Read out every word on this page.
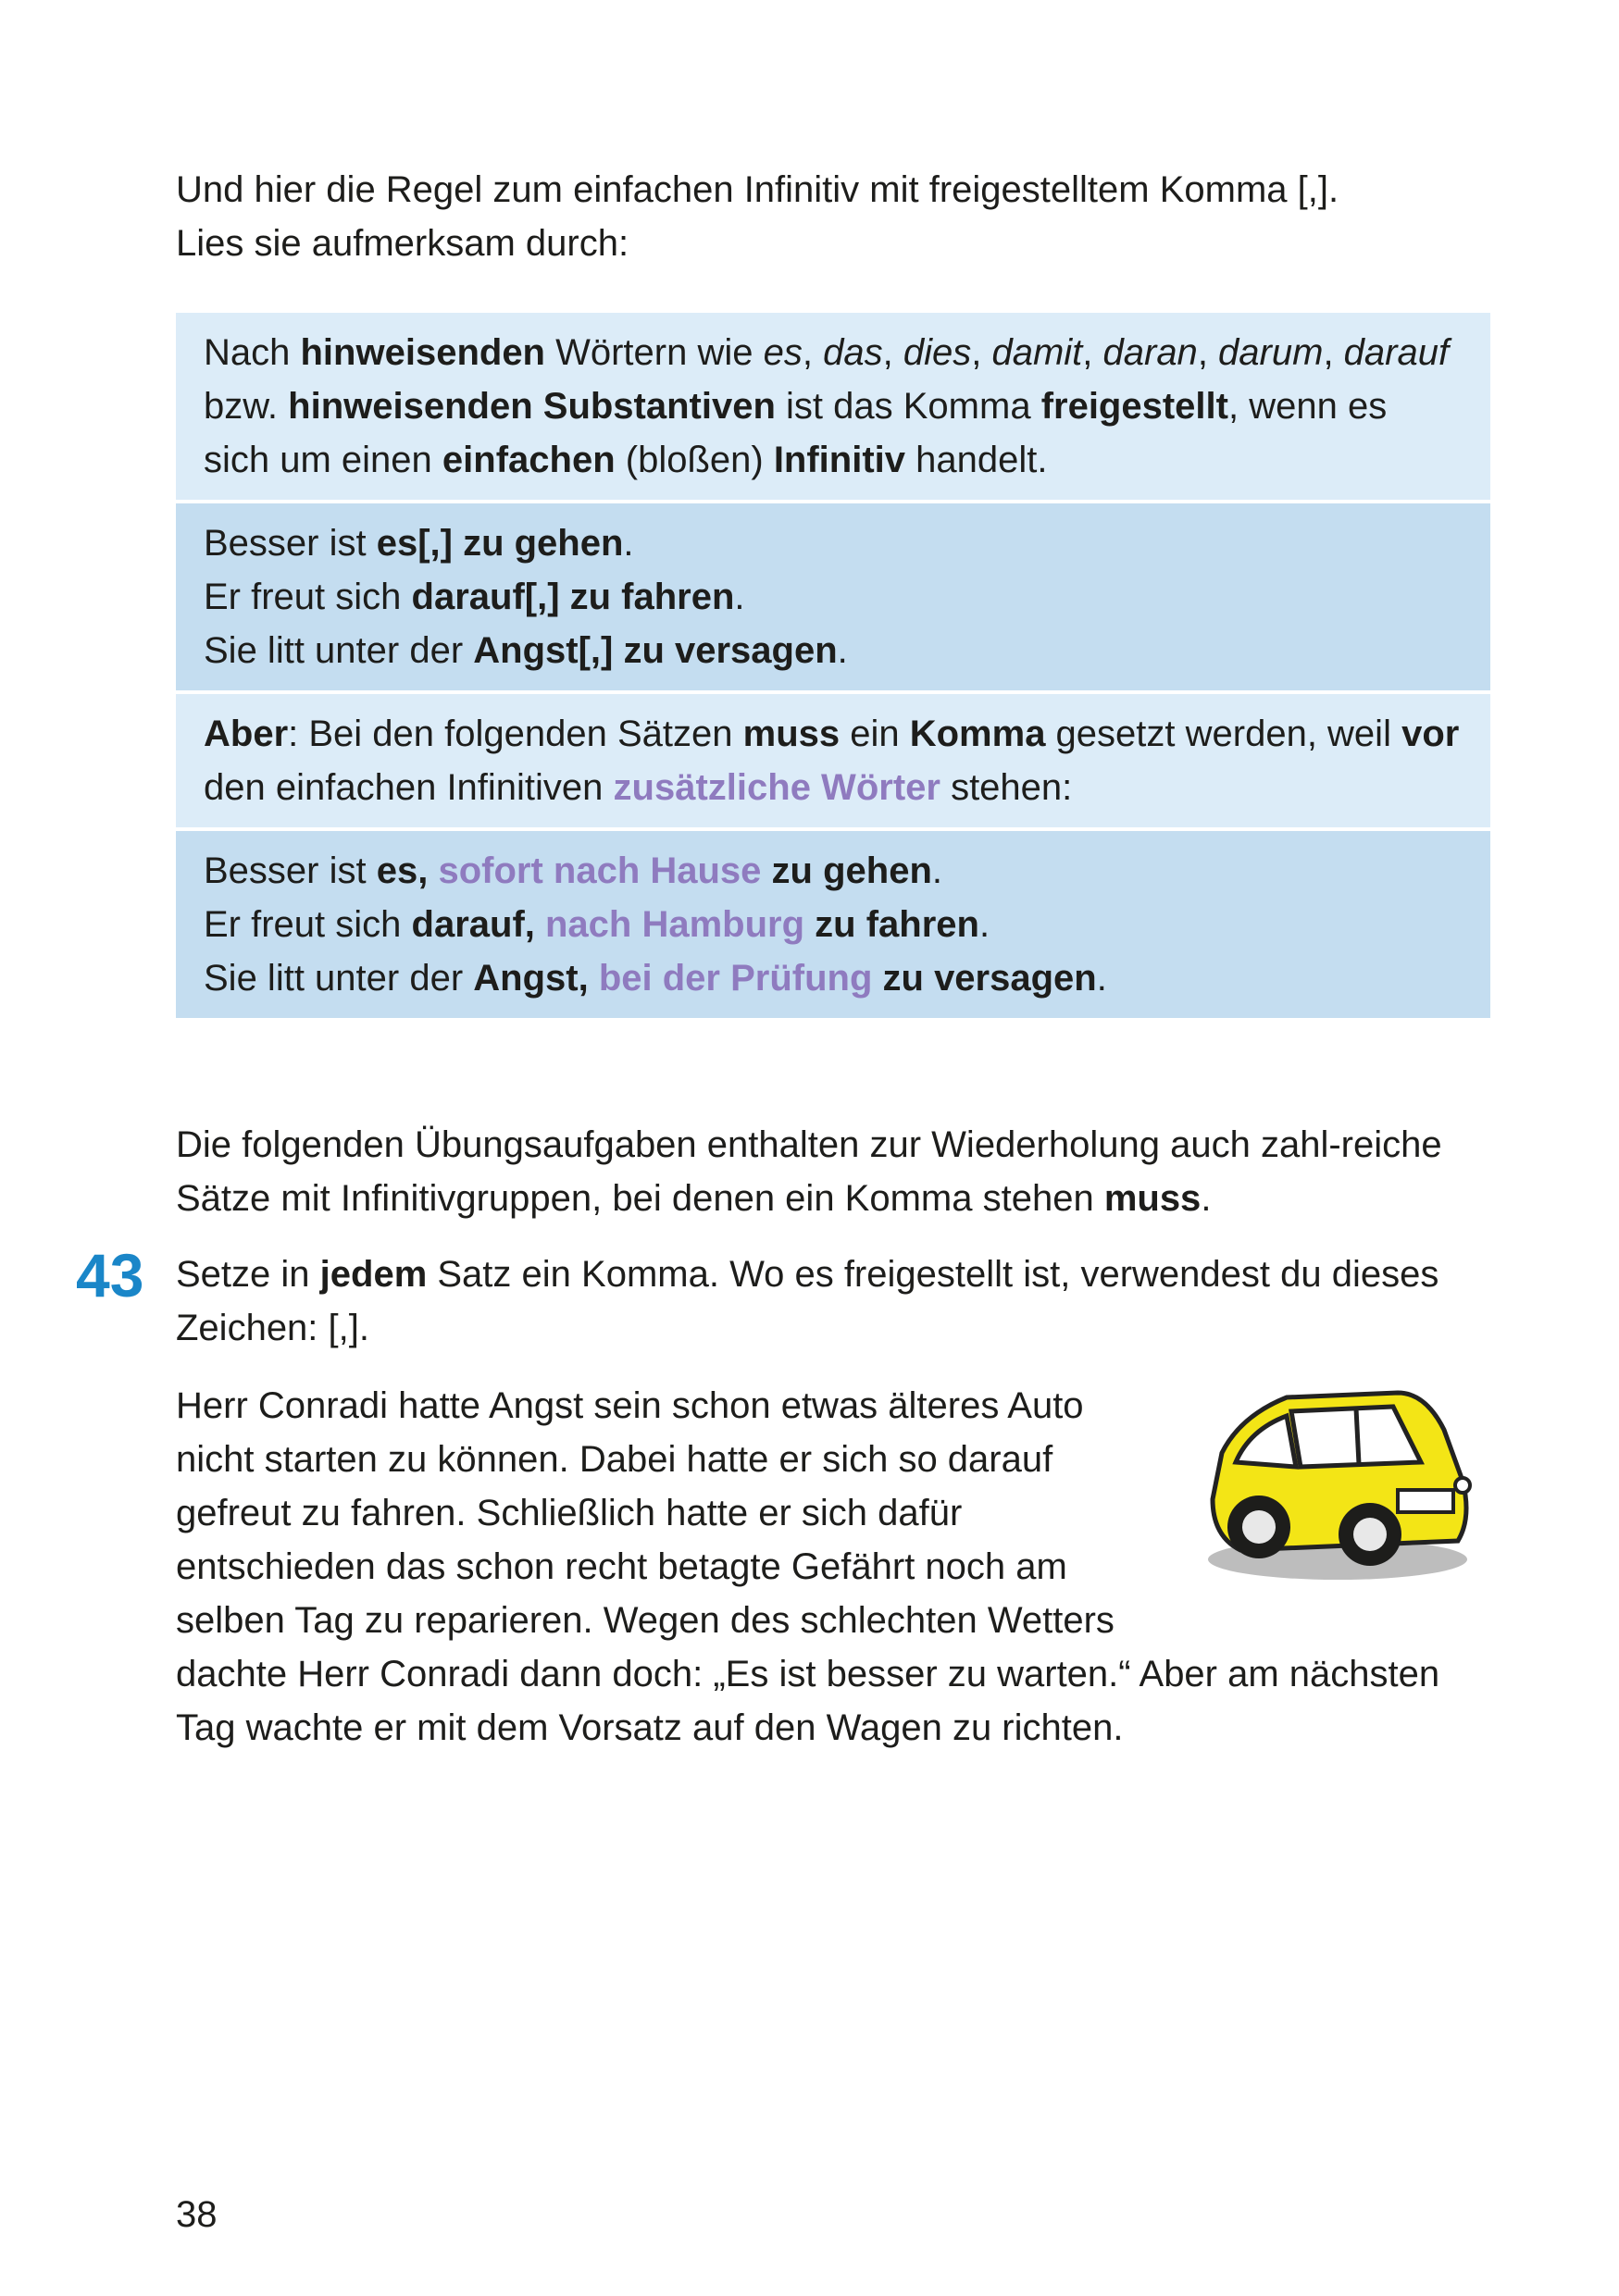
Und hier die Regel zum einfachen Infinitiv mit freigestelltem Komma [,].
Lies sie aufmerksam durch:
Nach hinweisenden Wörtern wie es, das, dies, damit, daran, darum, darauf bzw. hinweisenden Substantiven ist das Komma freigestellt, wenn es sich um einen einfachen (bloßen) Infinitiv handelt.
Besser ist es[,] zu gehen.
Er freut sich darauf[,] zu fahren.
Sie litt unter der Angst[,] zu versagen.
Aber: Bei den folgenden Sätzen muss ein Komma gesetzt werden, weil vor den einfachen Infinitiven zusätzliche Wörter stehen:
Besser ist es, sofort nach Hause zu gehen.
Er freut sich darauf, nach Hamburg zu fahren.
Sie litt unter der Angst, bei der Prüfung zu versagen.
Die folgenden Übungsaufgaben enthalten zur Wiederholung auch zahl-reiche Sätze mit Infinitivgruppen, bei denen ein Komma stehen muss.
43 Setze in jedem Satz ein Komma. Wo es freigestellt ist, verwendest du dieses Zeichen: [,].
Herr Conradi hatte Angst sein schon etwas älteres Auto nicht starten zu können. Dabei hatte er sich so darauf gefreut zu fahren. Schließlich hatte er sich dafür entschieden das schon recht betagte Gefährt noch am selben Tag zu reparieren. Wegen des schlechten Wetters dachte Herr Conradi dann doch: „Es ist besser zu warten.“ Aber am nächsten Tag wachte er mit dem Vorsatz auf den Wagen zu richten.
38
